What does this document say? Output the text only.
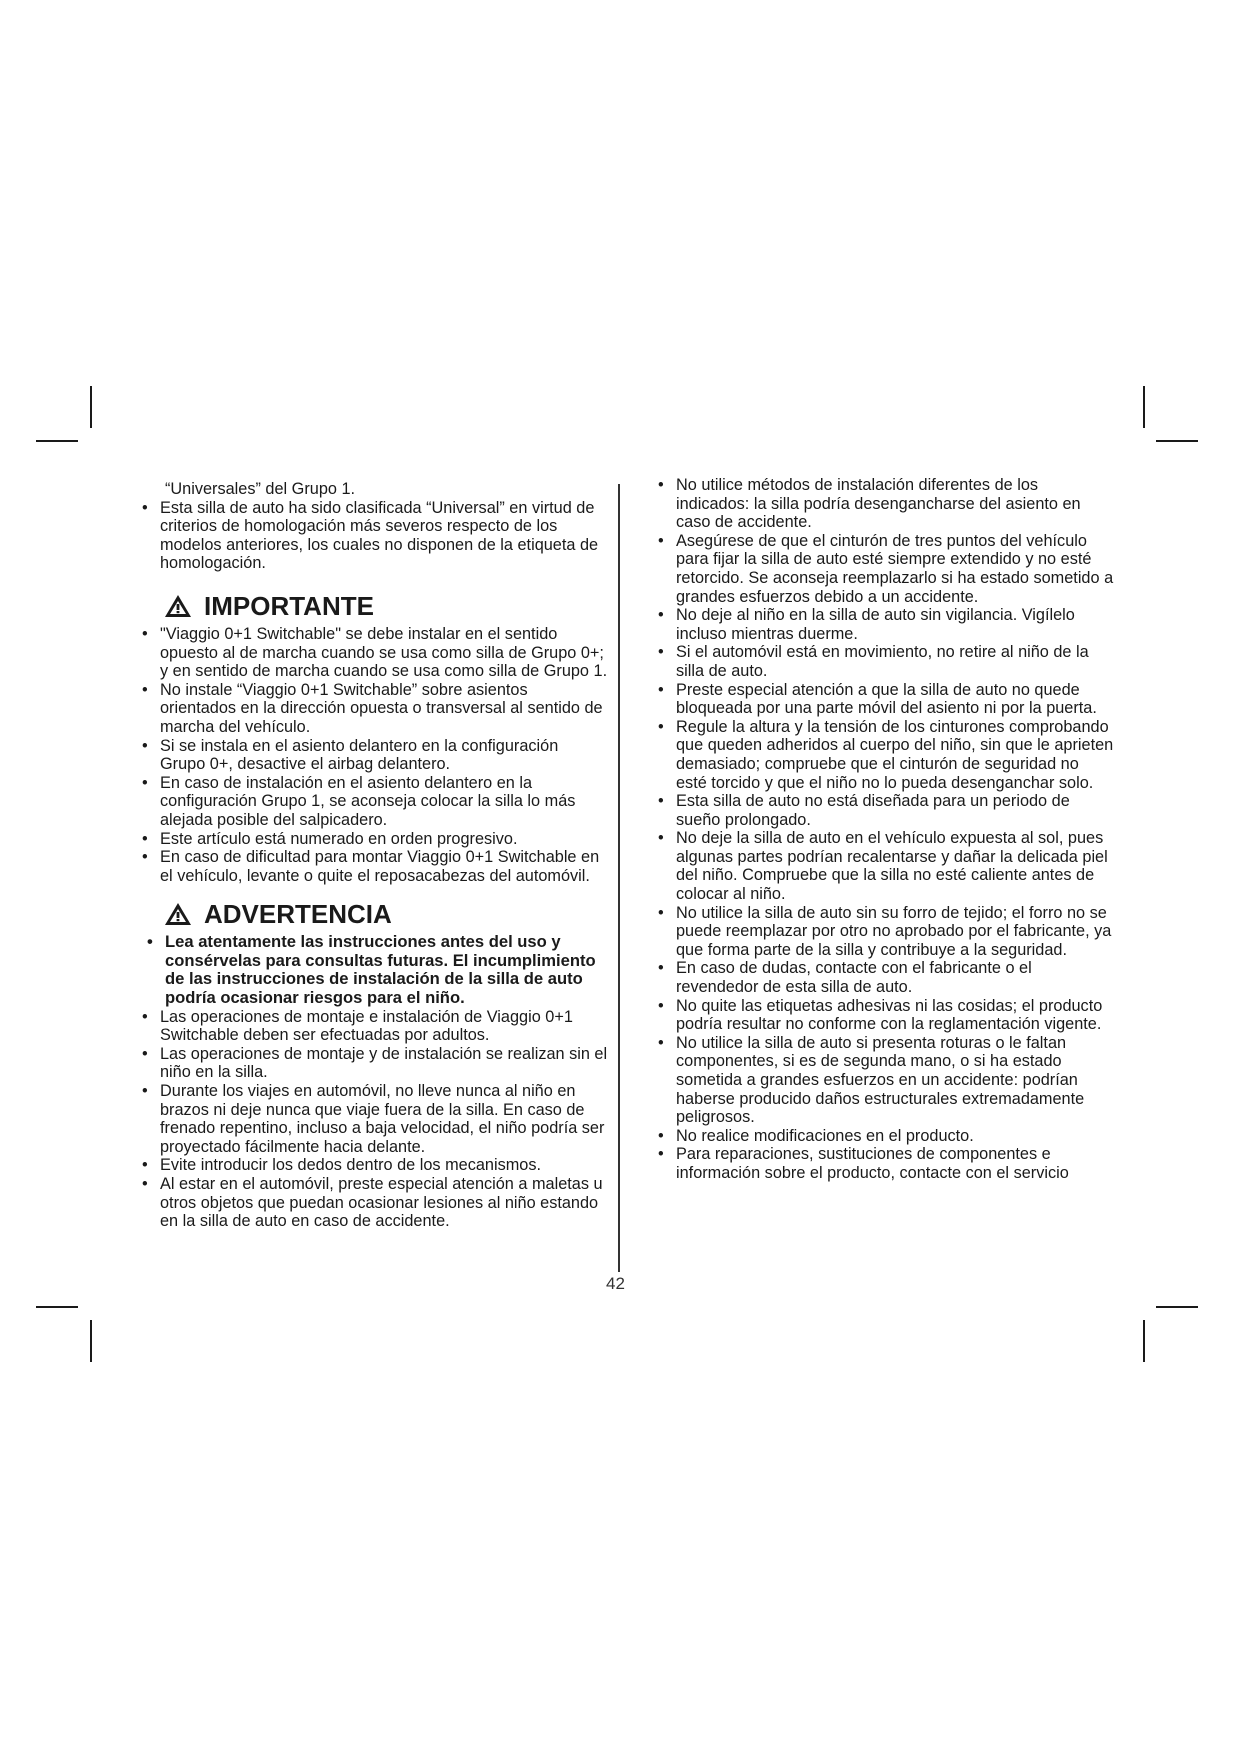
“Universales” del Grupo 1.
• Esta silla de auto ha sido clasificada “Universal” en virtud de criterios de homologación más severos respecto de los modelos anteriores, los cuales no disponen de la etiqueta de homologación.
IMPORTANTE
• "Viaggio 0+1 Switchable" se debe instalar en el sentido opuesto al de marcha cuando se usa como silla de Grupo 0+; y en sentido de marcha cuando se usa como silla de Grupo 1.
• No instale “Viaggio 0+1 Switchable” sobre asientos orientados en la dirección opuesta o transversal al sentido de marcha del vehículo.
• Si se instala en el asiento delantero en la configuración Grupo 0+, desactive el airbag delantero.
• En caso de instalación en el asiento delantero en la configuración Grupo 1, se aconseja colocar la silla lo más alejada posible del salpicadero.
• Este artículo está numerado en orden progresivo.
• En caso de dificultad para montar Viaggio 0+1 Switchable en el vehículo, levante o quite el reposacabezas del automóvil.
ADVERTENCIA
• Lea atentamente las instrucciones antes del uso y consérvelas para consultas futuras. El incumplimiento de las instrucciones de instalación de la silla de auto podría ocasionar riesgos para el niño.
• Las operaciones de montaje e instalación de Viaggio 0+1 Switchable deben ser efectuadas por adultos.
• Las operaciones de montaje y de instalación se realizan sin el niño en la silla.
• Durante los viajes en automóvil, no lleve nunca al niño en brazos ni deje nunca que viaje fuera de la silla. En caso de frenado repentino, incluso a baja velocidad, el niño podría ser proyectado fácilmente hacia delante.
• Evite introducir los dedos dentro de los mecanismos.
• Al estar en el automóvil, preste especial atención a maletas u otros objetos que puedan ocasionar lesiones al niño estando en la silla de auto en caso de accidente.
• No utilice métodos de instalación diferentes de los indicados: la silla podría desengancharse del asiento en caso de accidente.
• Asegúrese de que el cinturón de tres puntos del vehículo para fijar la silla de auto esté siempre extendido y no esté retorcido. Se aconseja reemplazarlo si ha estado sometido a grandes esfuerzos debido a un accidente.
• No deje al niño en la silla de auto sin vigilancia. Vigílelo incluso mientras duerme.
• Si el automóvil está en movimiento, no retire al niño de la silla de auto.
• Preste especial atención a que la silla de auto no quede bloqueada por una parte móvil del asiento ni por la puerta.
• Regule la altura y la tensión de los cinturones comprobando que queden adheridos al cuerpo del niño, sin que le aprieten demasiado; compruebe que el cinturón de seguridad no esté torcido y que el niño no lo pueda desenganchar solo.
• Esta silla de auto no está diseñada para un periodo de sueño prolongado.
• No deje la silla de auto en el vehículo expuesta al sol, pues algunas partes podrían recalentarse y dañar la delicada piel del niño. Compruebe que la silla no esté caliente antes de colocar al niño.
• No utilice la silla de auto sin su forro de tejido; el forro no se puede reemplazar por otro no aprobado por el fabricante, ya que forma parte de la silla y contribuye a la seguridad.
• En caso de dudas, contacte con el fabricante o el revendedor de esta silla de auto.
• No quite las etiquetas adhesivas ni las cosidas; el producto podría resultar no conforme con la reglamentación vigente.
• No utilice la silla de auto si presenta roturas o le faltan componentes, si es de segunda mano, o si ha estado sometida a grandes esfuerzos en un accidente: podrían haberse producido daños estructurales extremadamente peligrosos.
• No realice modificaciones en el producto.
• Para reparaciones, sustituciones de componentes e información sobre el producto, contacte con el servicio
42
